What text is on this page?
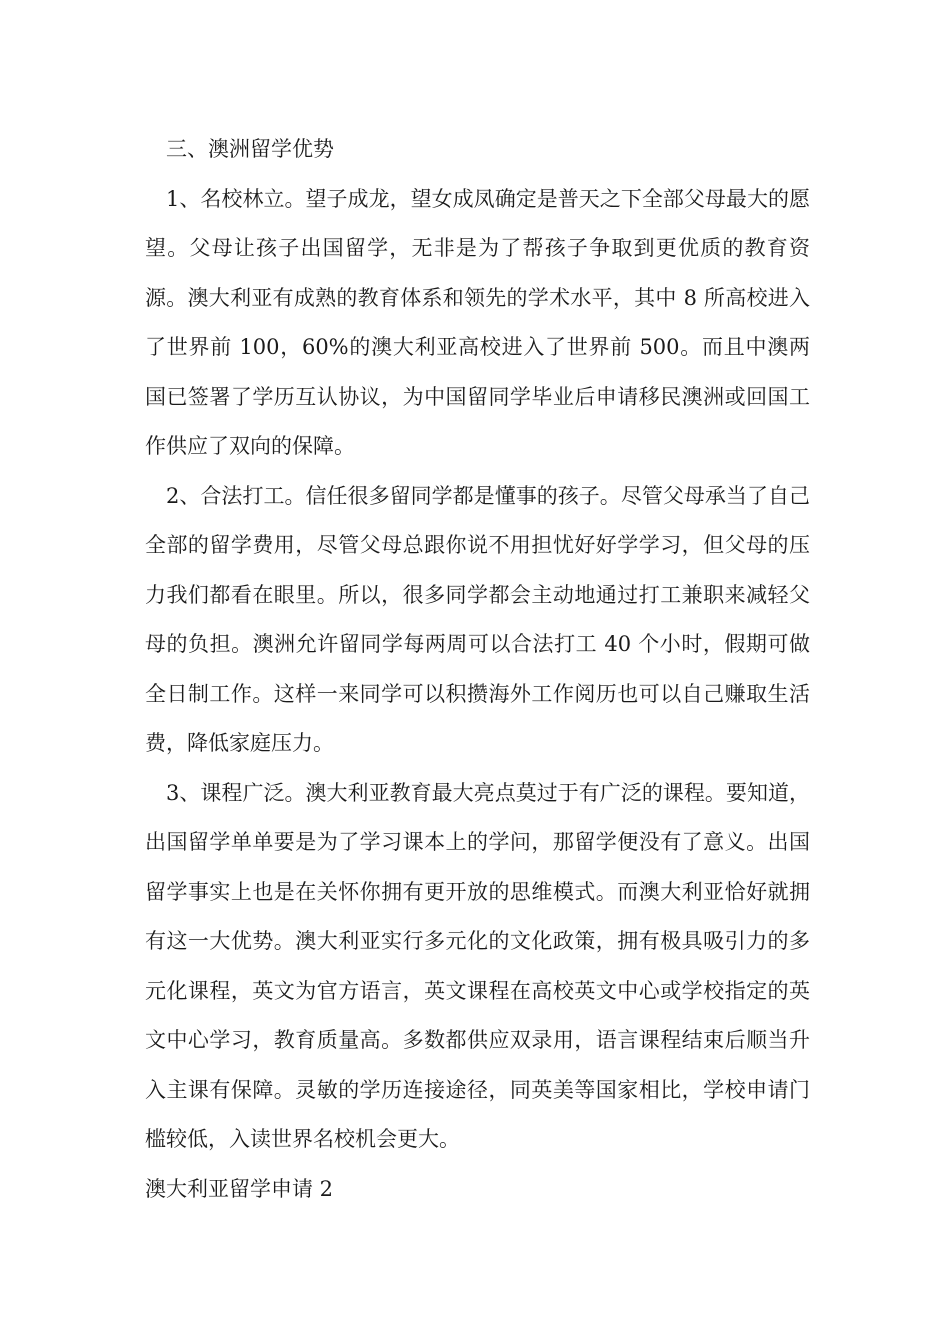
三、澳洲留学优势

1、名校林立。望子成龙，望女成凤确定是普天之下全部父母最大的愿望。父母让孩子出国留学，无非是为了帮孩子争取到更优质的教育资源。澳大利亚有成熟的教育体系和领先的学术水平，其中 8 所高校进入了世界前 100，60%的澳大利亚高校进入了世界前 500。而且中澳两国已签署了学历互认协议，为中国留同学毕业后申请移民澳洲或回国工作供应了双向的保障。

2、合法打工。信任很多留同学都是懂事的孩子。尽管父母承当了自己全部的留学费用，尽管父母总跟你说不用担忧好好学学习，但父母的压力我们都看在眼里。所以，很多同学都会主动地通过打工兼职来减轻父母的负担。澳洲允许留同学每两周可以合法打工 40 个小时，假期可做全日制工作。这样一来同学可以积攒海外工作阅历也可以自己赚取生活费，降低家庭压力。

3、课程广泛。澳大利亚教育最大亮点莫过于有广泛的课程。要知道，出国留学单单要是为了学习课本上的学问，那留学便没有了意义。出国留学事实上也是在关怀你拥有更开放的思维模式。而澳大利亚恰好就拥有这一大优势。澳大利亚实行多元化的文化政策，拥有极具吸引力的多元化课程，英文为官方语言，英文课程在高校英文中心或学校指定的英文中心学习，教育质量高。多数都供应双录用，语言课程结束后顺当升入主课有保障。灵敏的学历连接途径，同英美等国家相比，学校申请门槛较低，入读世界名校机会更大。

澳大利亚留学申请 2
